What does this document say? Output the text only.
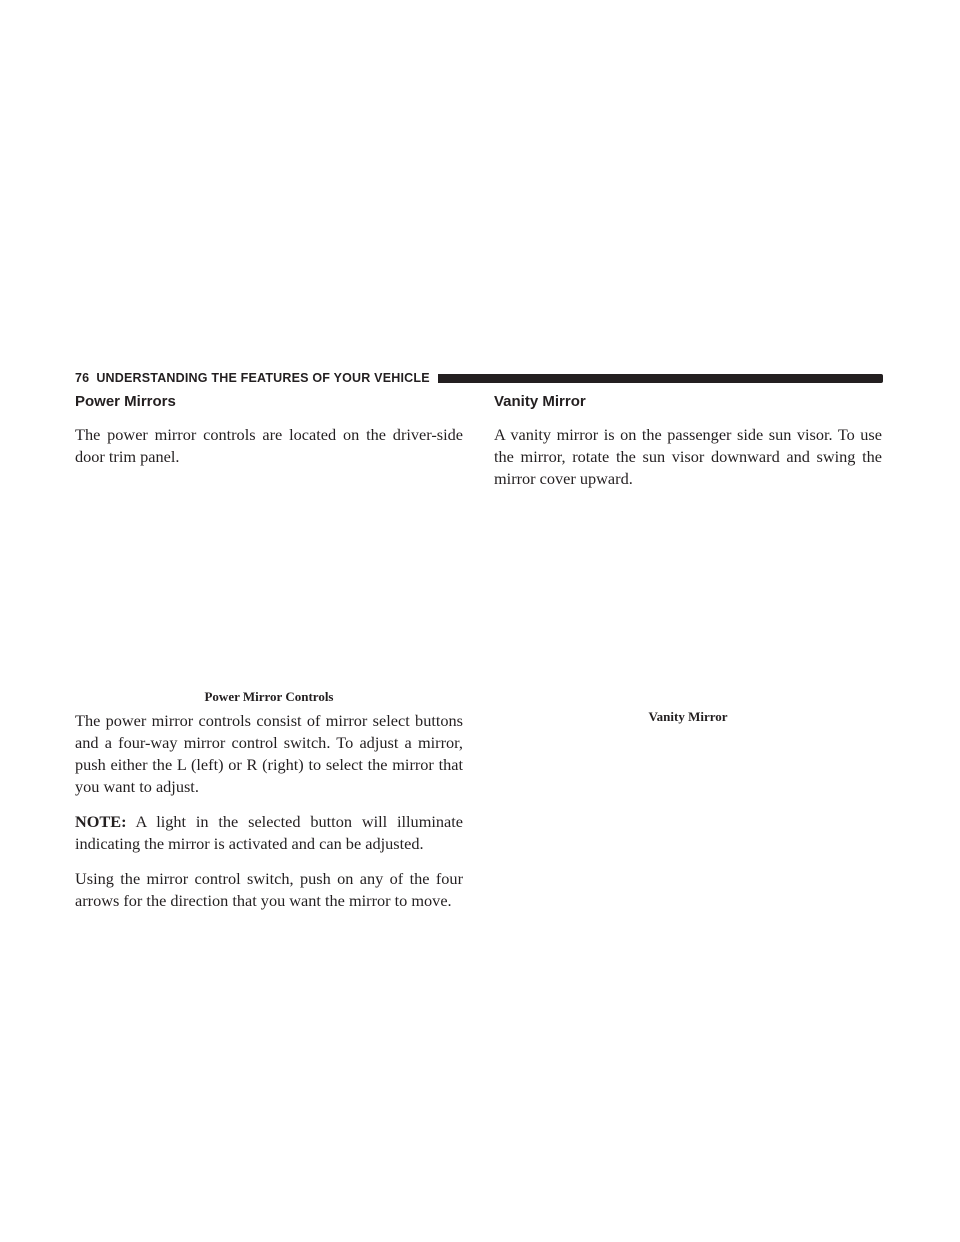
76 UNDERSTANDING THE FEATURES OF YOUR VEHICLE
Power Mirrors

The power mirror controls are located on the driver-side door trim panel.

Power Mirror Controls

The power mirror controls consist of mirror select buttons and a four-way mirror control switch. To adjust a mirror, push either the L (left) or R (right) to select the mirror that you want to adjust.

NOTE: A light in the selected button will illuminate indicating the mirror is activated and can be adjusted.

Using the mirror control switch, push on any of the four arrows for the direction that you want the mirror to move.

Vanity Mirror

A vanity mirror is on the passenger side sun visor. To use the mirror, rotate the sun visor downward and swing the mirror cover upward.

Vanity Mirror
